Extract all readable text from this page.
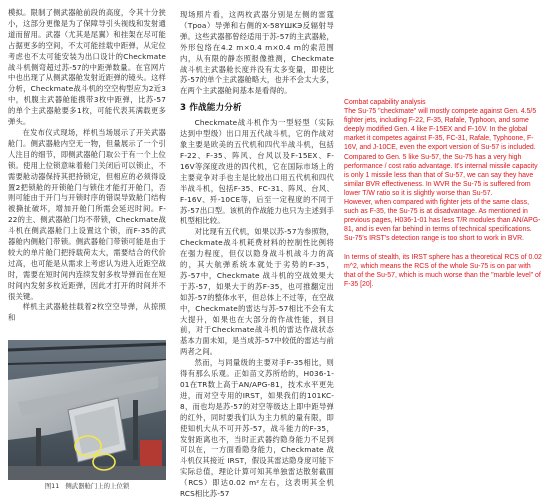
模拟。限制了侧武器舱前段的高度，令其十分狭小，这部分更像是为了保障导引头视线和发射通道而留用。武器（尤其是尾翼）和挂架在尽可能占据更多的空间，不太可能挂载中距弹，从定位考虑也不太可能安装为出口设计的Checkmate战斗机侧弯超过苏-57的中距弹数量。在官网片中也出现了从侧武器舱发射近距弹的镜头。这样分析，Checkmate战斗机的空空构型应为2近3中，机腹主武器舱能携带3枚中距弹，比苏-57的单个主武器舱要多1枚，可能代表其满载更多弹头。

在发布仪式现场，样机当场展示了开关武器舱门。侧武器舱内空无一物，但量展示了一个引人注目的细节，即侧武器舱门取公于有一个上位锁。使用上位锁意味着舱门关闭后可以锁止，不需要舱动器保持其把持锁定，但相应的必须得设置2把锁舱的开锁舱门与锁住才能打开舱门，否则可能由于开门与开锁时序的错误导致舱门结构被撕扯破坏，增加开舱门所需会延迟时间。F-22的主、侧武器舱门均不带锁，Checkmate战斗机在侧武器舱门上设置这个锁，而F-35的武器舱内侧舱门带锁。侧武器舱门带锁可能是由于较大的单片舱门把持载荷太大，需要结合的代价过高，也可能是从需求上考虑认为进入近距空战时，需要在短时间内连续发射多枚导弹而在在短时间内发射多枚近距弹，因此才打开的时间并不很关键。

样机主武器舱挂载着2枚空空导弹，从掠照和

图11 侧武器舱门上的上位锁

现场照片看，这两枚武器分别是左侧的雷霆（Tpoa）导弹和右侧的X-58YШKЭ反辐射导弹。这些武器都曾经适用于苏-57的主武器舱，外形包络在4.2 m×0.4 m×0.4 m的索范围内，从有限的静态照报像推测，Checkmate战斗机主武器舱长度并没有太多变量，即使比苏-57的单个主武器舱略大，也并不会太大多，在两个主武器舱间基本是看得的。

3 作战能力分析

Checkmate战斗机作为一型轻型（实际达到中型级）出口用五代战斗机，它的作战对象主要是欧美的五代机和四代半战斗机，包括F-22、F-35、阵风、台风以及F-15EX、F-16V等深度改进的四代机，它在国际市场上的主要竞争对手也主是比较出口用五代机和四代半战斗机，包括F-35、FC-31、阵风、台风、F-16V、歼-10CE等，后至一定程度的不同于苏-57出口型。该机的作战能力也只为主述到手机型相比较。

对比现有五代机，如果以苏-57为参照物，Checkmate战斗机耗费材料的控制性比例将在强力程度，但仅以隐身战斗机战斗力的高的，其大航弹系统本就处于劣势的F-35，苏-57中，Checkmate 战斗机的空战效果大于苏-57，如果大于的苏F-35，也可推翻定出如苏-57的整体水平，但总体上不过等，在空战中，Checkmate的雷达与苏-57相比不会有太大提升，如果也在大部分的作战性能，到目前，对于Checkmate战斗机的雷达作战状态基本力面未知，是当成苏-57中较低的雷达与前两者之间。

然而，与同量级的主要对手F-35相比，则得有那么乐观。正如苗文苏所给的，H036-1-01在TR数上高于AN/APG-81，技术水平更先进，而对空专用的IRST，如果我们的101KC-8，而也均是苏-57的对空等级达上即中距导弹的红外，同时要我们认为主力机的量有限，即使知机大从不可开苏-57，战斗能力的F-35，发射距离也不，当时正武器约隐身能力不足到可以在，一方面看隐身能力，Checkmate 战斗机仅其接近 IRST，假设其雷达隐身度可能下实际总值，理论计算可知其单独雷达散射截面（RCS）即达0.02 m²左右，这表明其全机RCS相比苏-57

Combat capability analysis

The Su-75 "checkmate" will mostly compete against Gen. 4.5/5 fighter jets, including F-22, F-35, Rafale, Typhoon, and some deeply modified Gen. 4 like F-15EX and F-16V. In the global market it competes against F-35, FC-31, Rafale, Typhoone, F-16V, and J-10CE, even the export version of Su-57 is included.

Compared to Gen. 5 like Su-57, the Su-75 has a very high performance / cost ratio advantage. It's internal missile capacity is only 1 missile less than that of Su-57, we can say they have similar BVR effectiveness. In WVR the Su-75 is suffered from lower T/W ratio so it is slightly worse than Su-57.

However, when compared with fighter jets of the same class, such as F-35, the Su-75 is at disadvantage. As mentioned in previous pages, H036-1-01 has less T/R modules than AN/APG-81, and is even far behind in terms of technical specifications. Su-75's IRST's detection range is too short to work in BVR.

In terms of stealth, its IRST sphere has a theoretical RCS of 0.02 m^2, which means the RCS of the whole Su-75 is on par with that of the Su-57, which is much worse than the "marble level" of F-35 [20].
